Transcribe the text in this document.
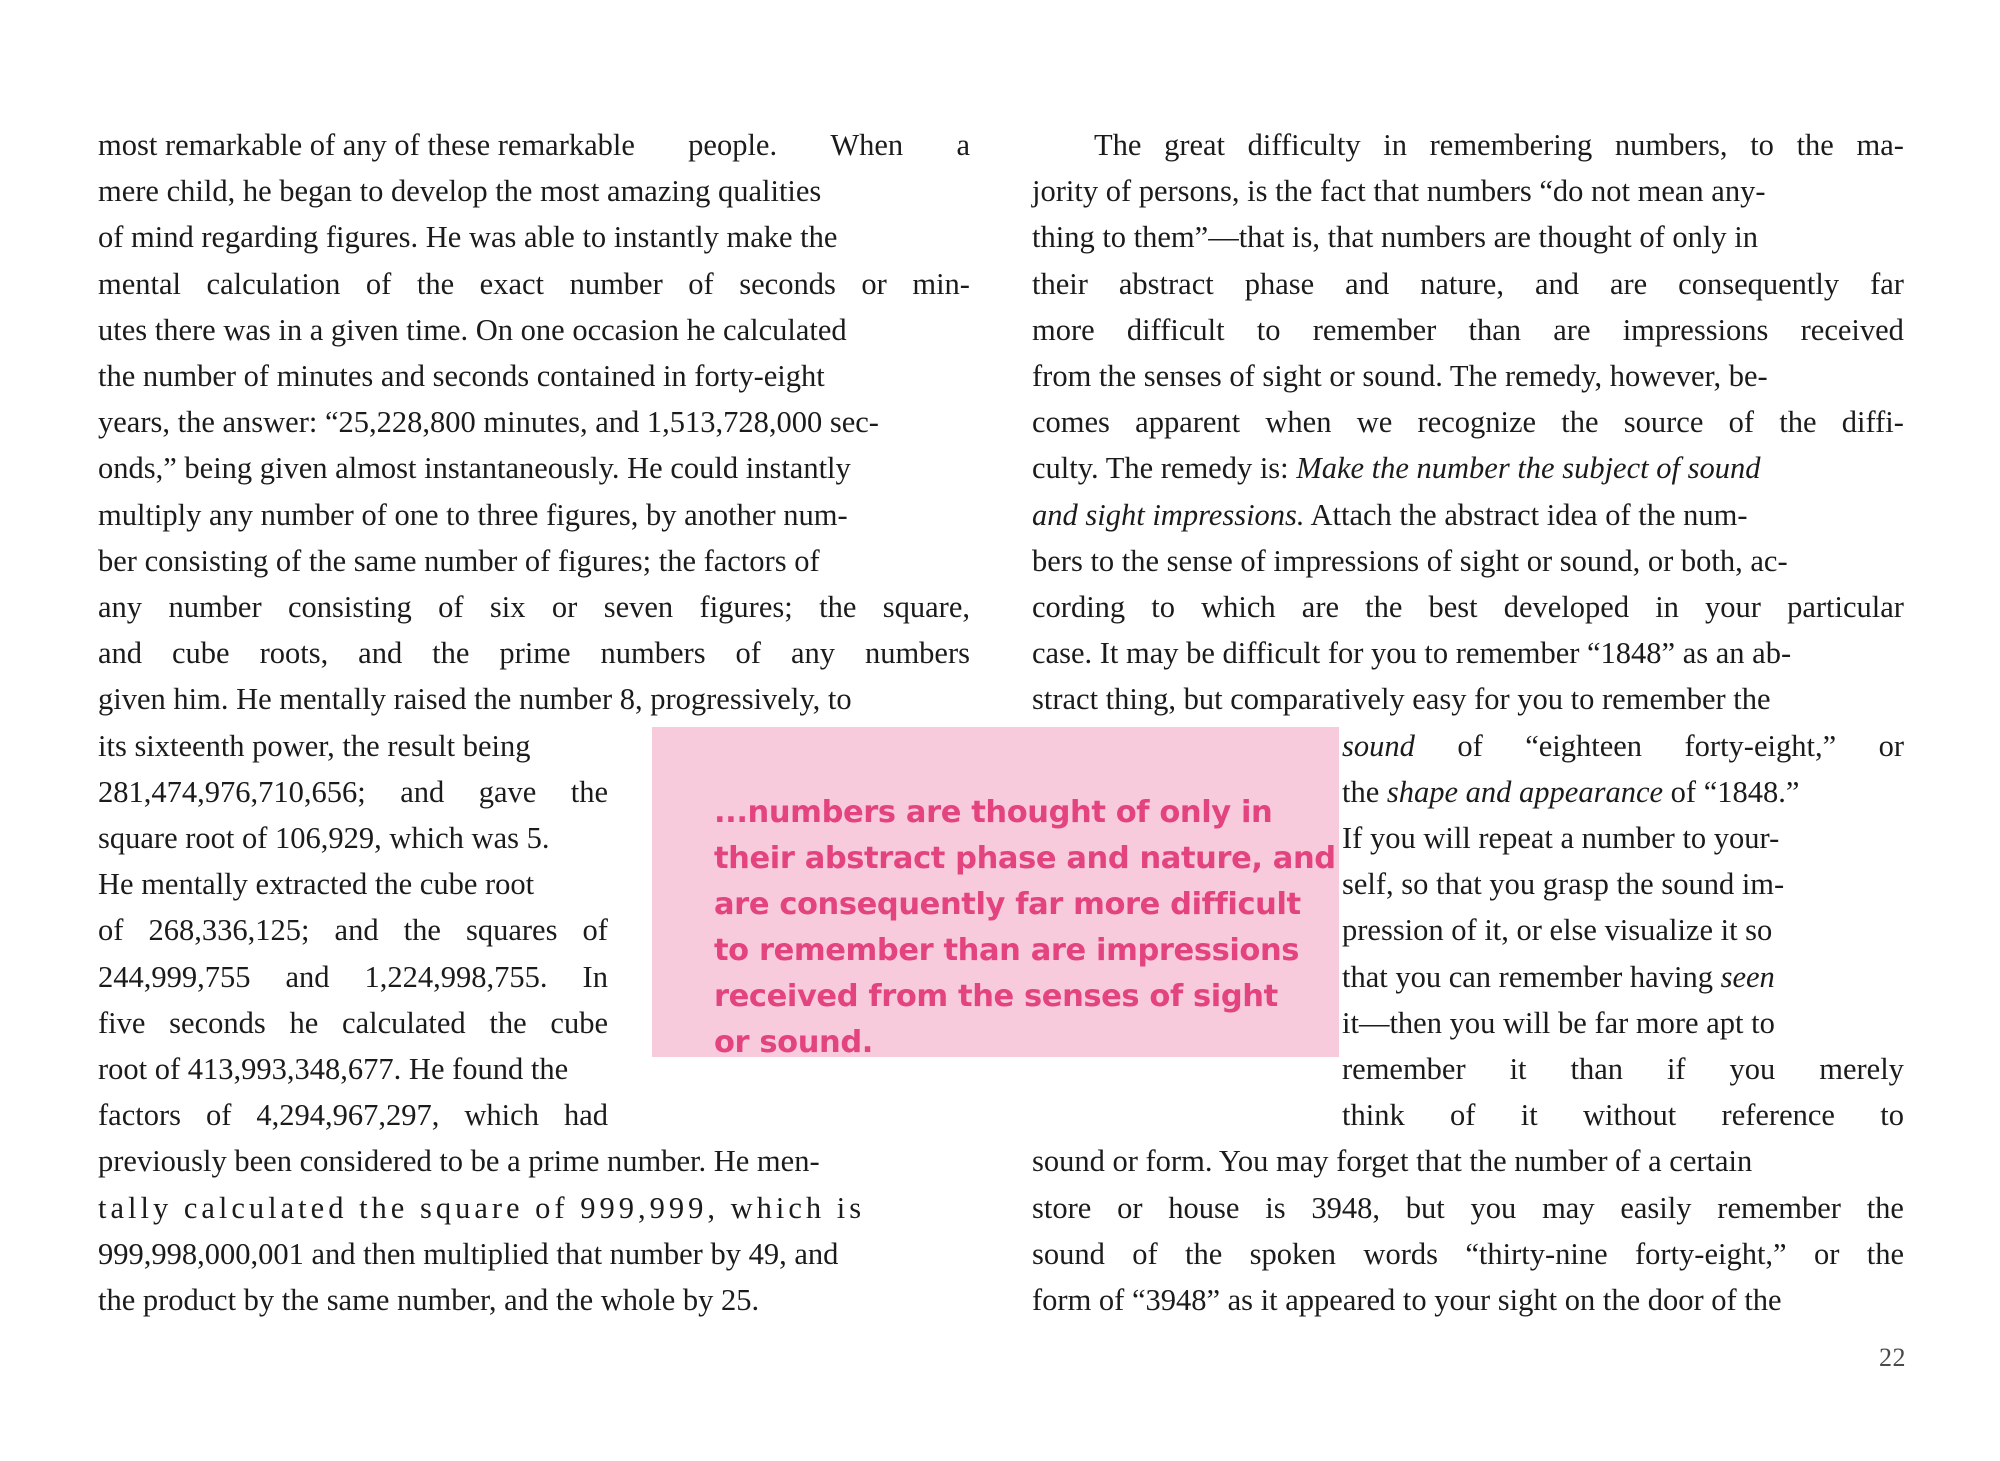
...numbers are thought of only in
their abstract phase and nature, and
are consequently far more difficult
to remember than are impressions
received from the senses of sight
or sound.
most remarkable of any of these remarkable people. When a
mere child, he began to develop the most amazing qualities
of mind regarding figures. He was able to instantly make the
mental calculation of the exact number of seconds or min-
utes there was in a given time. On one occasion he calculated
the number of minutes and seconds contained in forty-eight
years, the answer: “25,228,800 minutes, and 1,513,728,000 sec-
onds,” being given almost instantaneously. He could instantly
multiply any number of one to three figures, by another num-
ber consisting of the same number of figures; the factors of
any number consisting of six or seven figures; the square,
and cube roots, and the prime numbers of any numbers
given him. He mentally raised the number 8, progressively, to
its sixteenth power, the result being
281,474,976,710,656; and gave the
square root of 106,929, which was 5.
He mentally extracted the cube root
of 268,336,125; and the squares of
244,999,755 and 1,224,998,755. In
five seconds he calculated the cube
root of 413,993,348,677. He found the
factors of 4,294,967,297, which had
previously been considered to be a prime number. He men-
tally calculated the square of 999,999, which is
999,998,000,001 and then multiplied that number by 49, and
the product by the same number, and the whole by 25.
The great difficulty in remembering numbers, to the ma-
jority of persons, is the fact that numbers “do not mean any-
thing to them”—that is, that numbers are thought of only in
their abstract phase and nature, and are consequently far
more difficult to remember than are impressions received
from the senses of sight or sound. The remedy, however, be-
comes apparent when we recognize the source of the diffi-
culty. The remedy is: Make the number the subject of sound
and sight impressions. Attach the abstract idea of the num-
bers to the sense of impressions of sight or sound, or both, ac-
cording to which are the best developed in your particular
case. It may be difficult for you to remember “1848” as an ab-
stract thing, but comparatively easy for you to remember the
sound of “eighteen forty-eight,” or
the shape and appearance of “1848.”
If you will repeat a number to your-
self, so that you grasp the sound im-
pression of it, or else visualize it so
that you can remember having seen
it—then you will be far more apt to
remember it than if you merely
think of it without reference to
sound or form. You may forget that the number of a certain
store or house is 3948, but you may easily remember the
sound of the spoken words “thirty-nine forty-eight,” or the
form of “3948” as it appeared to your sight on the door of the
22
